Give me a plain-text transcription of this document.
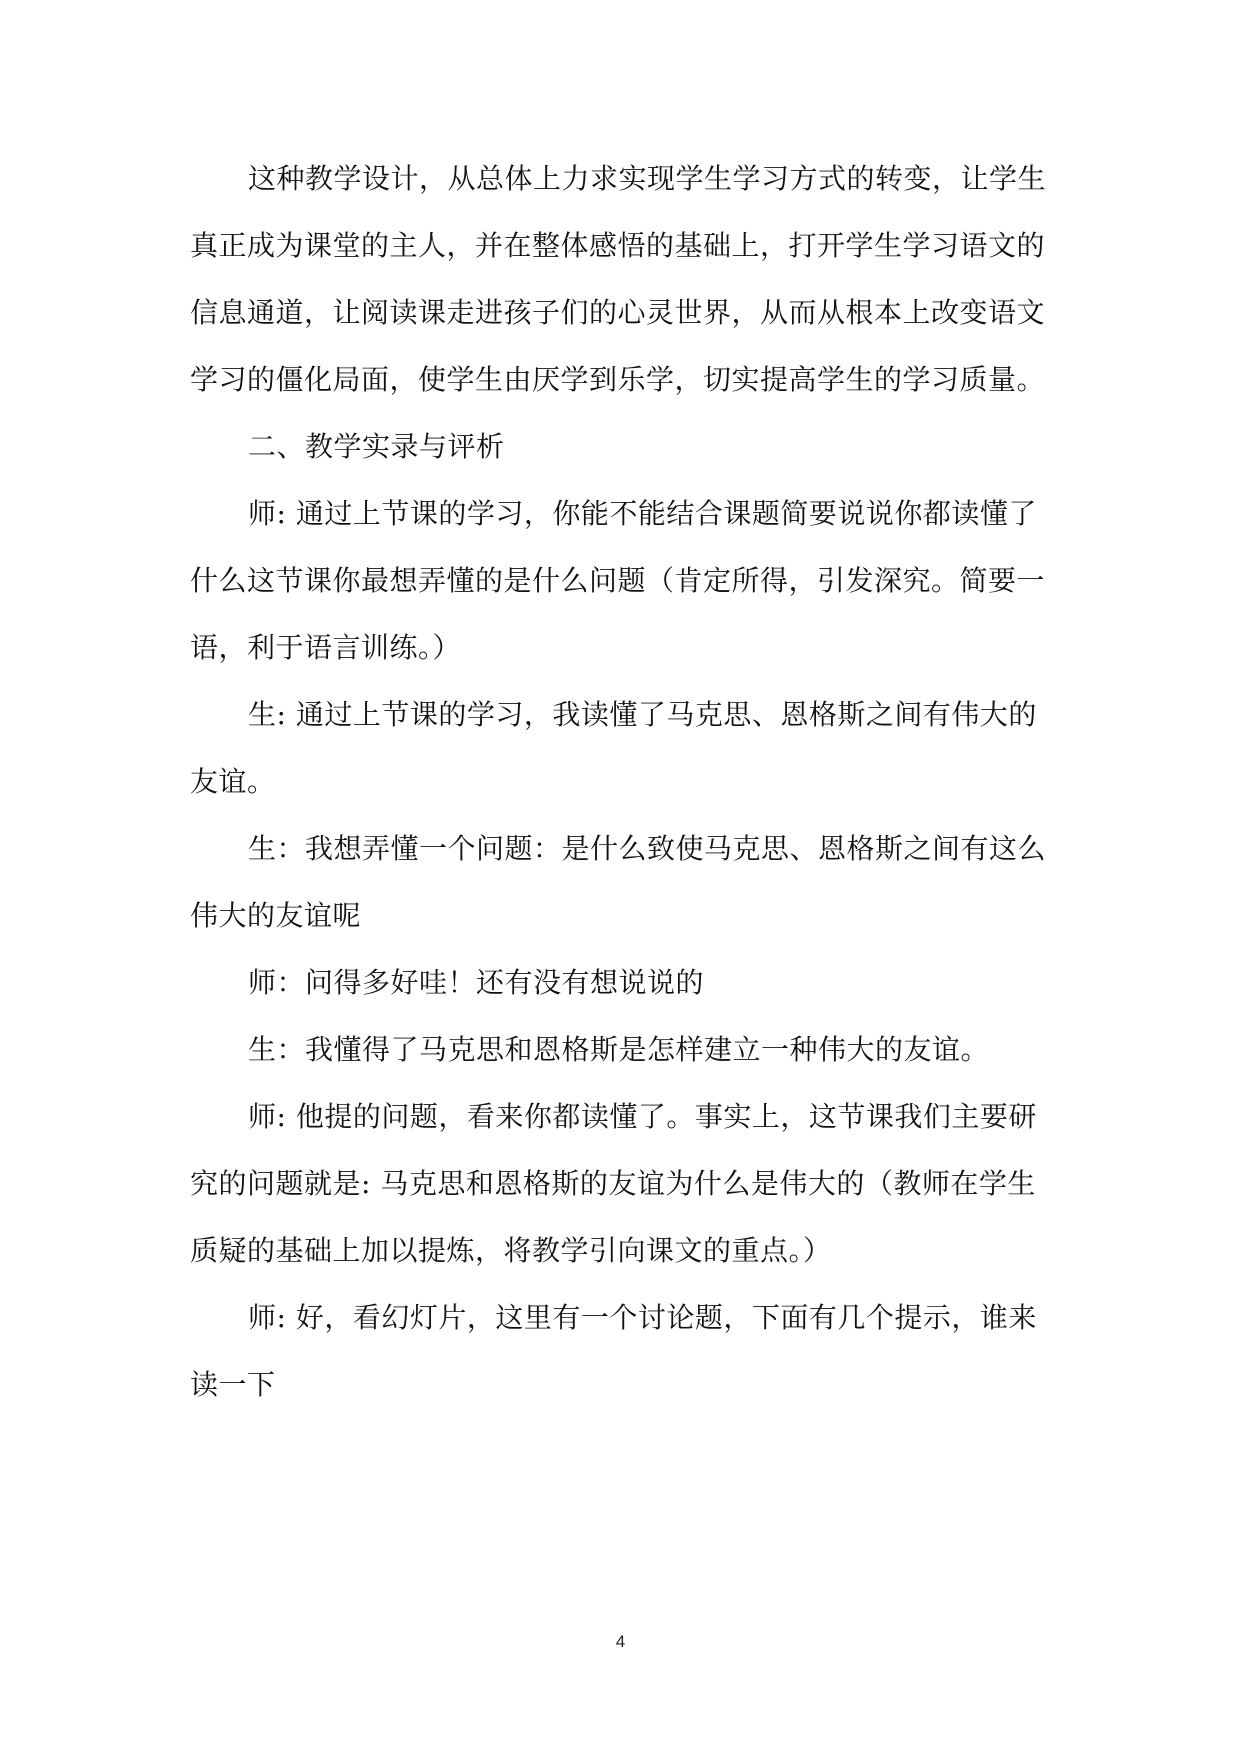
这种教学设计，从总体上力求实现学生学习方式的转变，让学生真正成为课堂的主人，并在整体感悟的基础上，打开学生学习语文的信息通道，让阅读课走进孩子们的心灵世界，从而从根本上改变语文学习的僵化局面，使学生由厌学到乐学，切实提高学生的学习质量。

二、教学实录与评析

师: 通过上节课的学习，你能不能结合课题简要说说你都读懂了什么这节课你最想弄懂的是什么问题（肯定所得，引发深究。简要一语，利于语言训练。）

生: 通过上节课的学习，我读懂了马克思、恩格斯之间有伟大的友谊。

生：我想弄懂一个问题：是什么致使马克思、恩格斯之间有这么伟大的友谊呢

师：问得多好哇！还有没有想说说的

生：我懂得了马克思和恩格斯是怎样建立一种伟大的友谊。

师: 他提的问题，看来你都读懂了。事实上，这节课我们主要研究的问题就是: 马克思和恩格斯的友谊为什么是伟大的（教师在学生质疑的基础上加以提炼，将教学引向课文的重点。）

师: 好，看幻灯片，这里有一个讨论题，下面有几个提示，谁来读一下

4
